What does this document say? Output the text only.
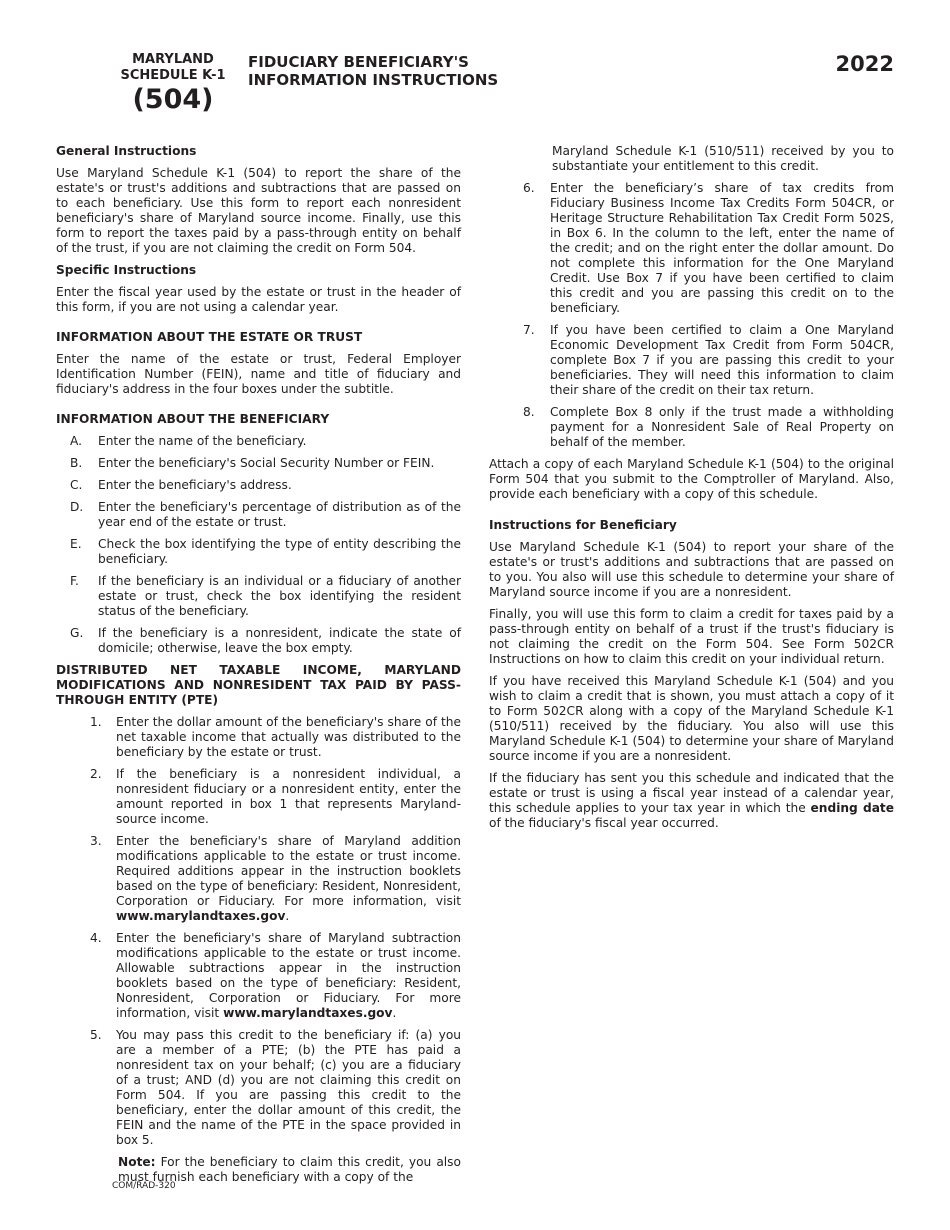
MARYLAND
SCHEDULE K-1
(504)
FIDUCIARY BENEFICIARY'S
INFORMATION INSTRUCTIONS
2022
General Instructions

Use Maryland Schedule K-1 (504) to report the share of the estate's or trust's additions and subtractions that are passed on to each beneficiary. Use this form to report each nonresident beneficiary's share of Maryland source income. Finally, use this form to report the taxes paid by a pass-through entity on behalf of the trust, if you are not claiming the credit on Form 504.

Specific Instructions

Enter the fiscal year used by the estate or trust in the header of this form, if you are not using a calendar year.

INFORMATION ABOUT THE ESTATE OR TRUST

Enter the name of the estate or trust, Federal Employer Identification Number (FEIN), name and title of fiduciary and fiduciary's address in the four boxes under the subtitle.

INFORMATION ABOUT THE BENEFICIARY
A. Enter the name of the beneficiary.
B. Enter the beneficiary's Social Security Number or FEIN.
C. Enter the beneficiary's address.
D. Enter the beneficiary's percentage of distribution as of the year end of the estate or trust.
E. Check the box identifying the type of entity describing the beneficiary.
F. If the beneficiary is an individual or a fiduciary of another estate or trust, check the box identifying the resident status of the beneficiary.
G. If the beneficiary is a nonresident, indicate the state of domicile; otherwise, leave the box empty.
DISTRIBUTED NET TAXABLE INCOME, MARYLAND MODIFICATIONS AND NONRESIDENT TAX PAID BY PASS-THROUGH ENTITY (PTE)
1. Enter the dollar amount of the beneficiary's share of the net taxable income that actually was distributed to the beneficiary by the estate or trust.
2. If the beneficiary is a nonresident individual, a nonresident fiduciary or a nonresident entity, enter the amount reported in box 1 that represents Maryland-source income.
3. Enter the beneficiary's share of Maryland addition modifications applicable to the estate or trust income. Required additions appear in the instruction booklets based on the type of beneficiary: Resident, Nonresident, Corporation or Fiduciary. For more information, visit www.marylandtaxes.gov.
4. Enter the beneficiary's share of Maryland subtraction modifications applicable to the estate or trust income. Allowable subtractions appear in the instruction booklets based on the type of beneficiary: Resident, Nonresident, Corporation or Fiduciary. For more information, visit www.marylandtaxes.gov.
5. You may pass this credit to the beneficiary if: (a) you are a member of a PTE; (b) the PTE has paid a nonresident tax on your behalf; (c) you are a fiduciary of a trust; AND (d) you are not claiming this credit on Form 504. If you are passing this credit to the beneficiary, enter the dollar amount of this credit, the FEIN and the name of the PTE in the space provided in box 5.

Note: For the beneficiary to claim this credit, you also must furnish each beneficiary with a copy of the

Maryland Schedule K-1 (510/511) received by you to substantiate your entitlement to this credit.

6. Enter the beneficiary’s share of tax credits from Fiduciary Business Income Tax Credits Form 504CR, or Heritage Structure Rehabilitation Tax Credit Form 502S, in Box 6. In the column to the left, enter the name of the credit; and on the right enter the dollar amount. Do not complete this information for the One Maryland Credit. Use Box 7 if you have been certified to claim this credit and you are passing this credit on to the beneficiary.
7. If you have been certified to claim a One Maryland Economic Development Tax Credit from Form 504CR, complete Box 7 if you are passing this credit to your beneficiaries. They will need this information to claim their share of the credit on their tax return.
8. Complete Box 8 only if the trust made a withholding payment for a Nonresident Sale of Real Property on behalf of the member.

Attach a copy of each Maryland Schedule K-1 (504) to the original Form 504 that you submit to the Comptroller of Maryland. Also, provide each beneficiary with a copy of this schedule.

Instructions for Beneficiary

Use Maryland Schedule K-1 (504) to report your share of the estate's or trust's additions and subtractions that are passed on to you. You also will use this schedule to determine your share of Maryland source income if you are a nonresident.

Finally, you will use this form to claim a credit for taxes paid by a pass-through entity on behalf of a trust if the trust's fiduciary is not claiming the credit on the Form 504. See Form 502CR Instructions on how to claim this credit on your individual return.

If you have received this Maryland Schedule K-1 (504) and you wish to claim a credit that is shown, you must attach a copy of it to Form 502CR along with a copy of the Maryland Schedule K-1 (510/511) received by the fiduciary. You also will use this Maryland Schedule K-1 (504) to determine your share of Maryland source income if you are a nonresident.

If the fiduciary has sent you this schedule and indicated that the estate or trust is using a fiscal year instead of a calendar year, this schedule applies to your tax year in which the ending date of the fiduciary's fiscal year occurred.

COM/RAD-320
